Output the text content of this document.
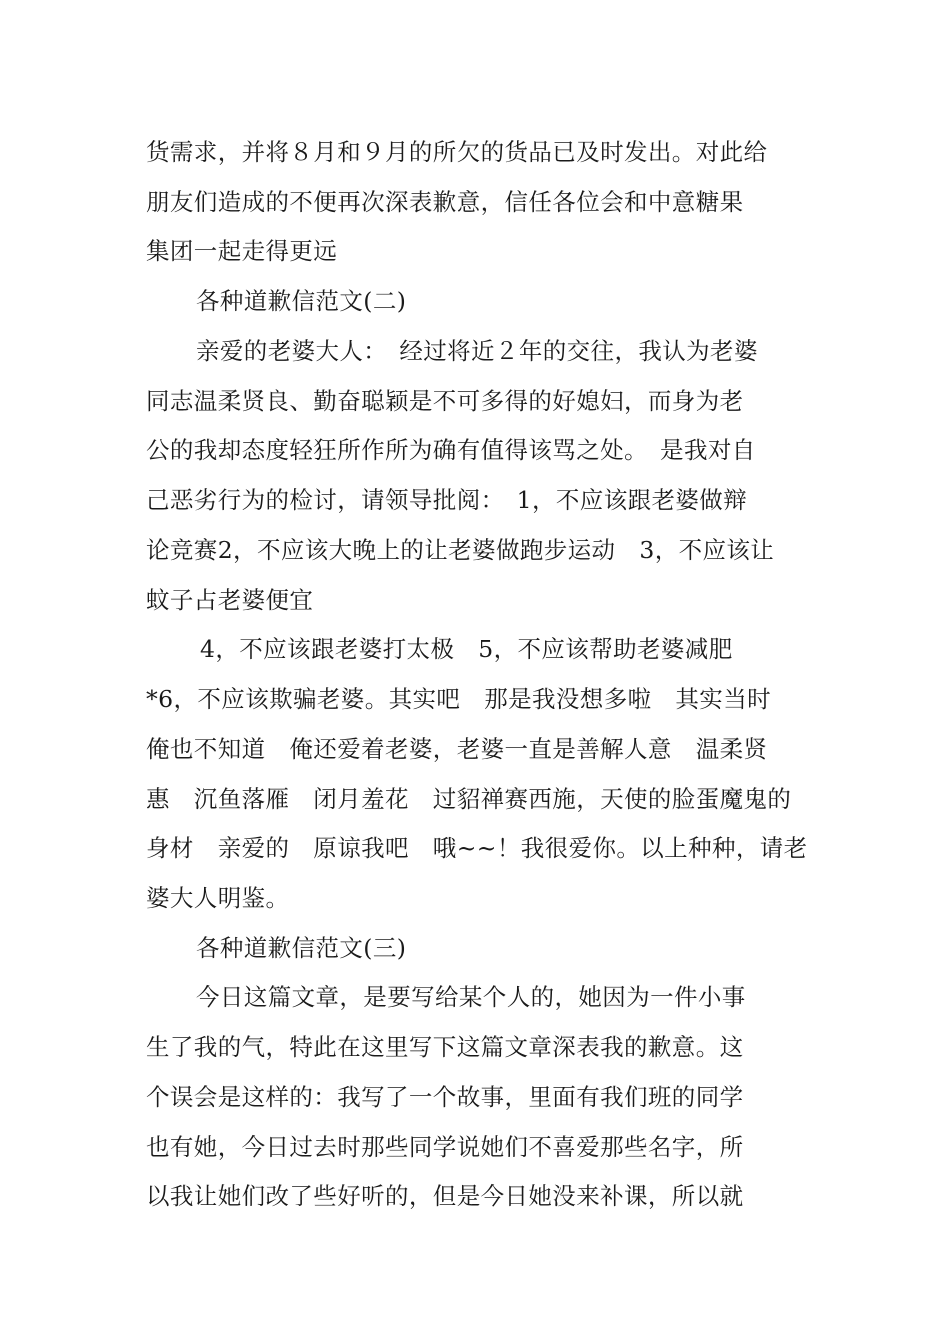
货需求，并将８月和９月的所欠的货品已及时发出。对此给
朋友们造成的不便再次深表歉意，信任各位会和中意糖果
集团一起走得更远
各种道歉信范文(二)
亲爱的老婆大人：　经过将近２年的交往，我认为老婆
同志温柔贤良、勤奋聪颖是不可多得的好媳妇，而身为老
公的我却态度轻狂所作所为确有值得该骂之处。　是我对自
己恶劣行为的检讨，请领导批阅：　1，不应该跟老婆做辩
论竞赛2，不应该大晚上的让老婆做跑步运动　3，不应该让
蚊子占老婆便宜
4，不应该跟老婆打太极　5，不应该帮助老婆减肥
*6，不应该欺骗老婆。其实吧　那是我没想多啦　其实当时
俺也不知道　俺还爱着老婆，老婆一直是善解人意　温柔贤
惠　沉鱼落雁　闭月羞花　过貂禅赛西施，天使的脸蛋魔鬼的
身材　亲爱的　原谅我吧　哦~~！我很爱你。以上种种，请老
婆大人明鉴。
各种道歉信范文(三)
今日这篇文章，是要写给某个人的，她因为一件小事
生了我的气，特此在这里写下这篇文章深表我的歉意。这
个误会是这样的：我写了一个故事，里面有我们班的同学
也有她，今日过去时那些同学说她们不喜爱那些名字，所
以我让她们改了些好听的，但是今日她没来补课，所以就
